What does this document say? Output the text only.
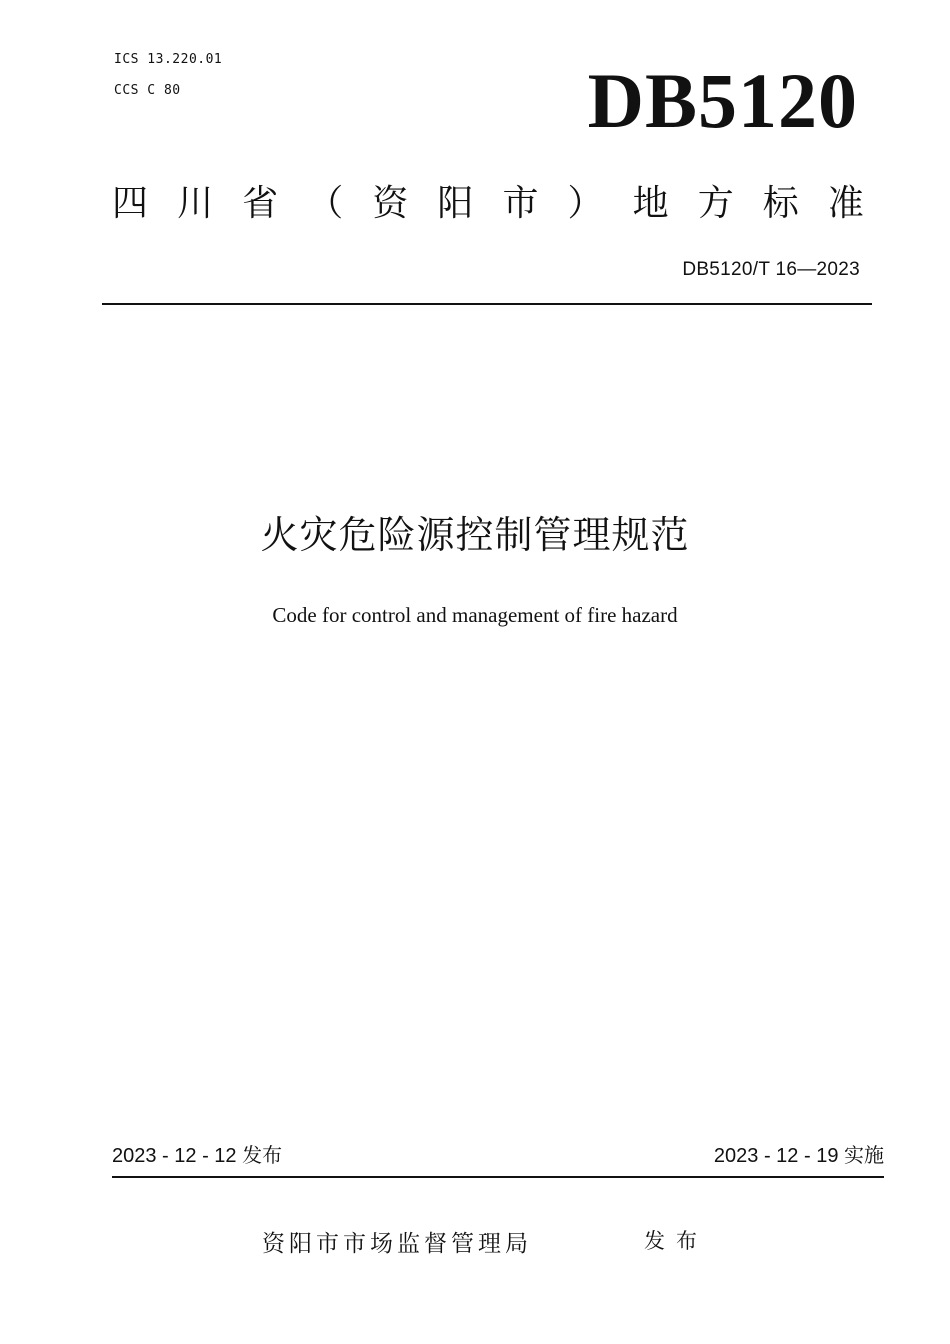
ICS 13.220.01
CCS C 80	DB5120
四 川 省 （ 资 阳 市 ） 地 方 标 准
DB5120/T 16—2023
火灾危险源控制管理规范
Code for control and management of fire hazard
2023 - 12 - 12 发布	2023 - 12 - 19 实施
资阳市市场监督管理局	发布
